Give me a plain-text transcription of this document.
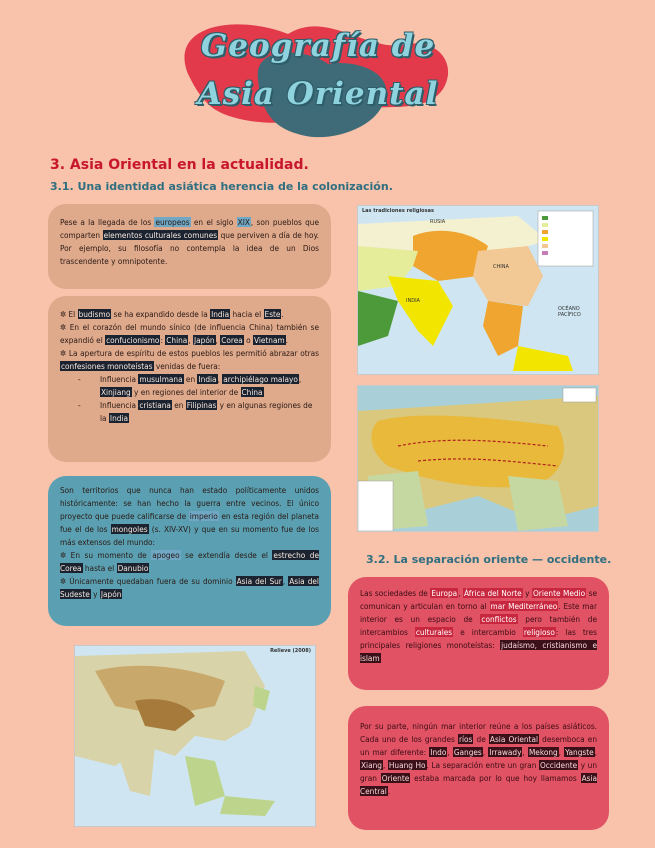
Geografía de
Asia Oriental
3. Asia Oriental en la actualidad.
3.1. Una identidad asiática herencia de la colonización.

Pese a la llegada de los europeos en el siglo XIX, son pueblos que comparten elementos culturales comunes que perviven a día de hoy. Por ejemplo, su filosofía no contempla la idea de un Dios trascendente y omnipotente.

✲ El budismo se ha expandido desde la India hacia el Este.

✲ En el corazón del mundo sínico (de influencia China) también se expandió el confucionismo: China, Japón, Corea o Vietnam.

✲ La apertura de espíritu de estos pueblos les permitió abrazar otras confesiones monoteístas venidas de fuera:

- Influencia musulmana en India, archipiélago malayo, Xinjiang y en regiones del interior de China
- Influencia cristiana en Filipinas y en algunas regiones de la India

Son territorios que nunca han estado políticamente unidos históricamente: se han hecho la guerra entre vecinos. El único proyecto que puede calificarse de imperio en esta región del planeta fue el de los mongoles (s. XIV-XV) y que en su momento fue de los más extensos del mundo:

✲ En su momento de apogeo se extendía desde el estrecho de Corea hasta el Danubio

✲ Únicamente quedaban fuera de su dominio Asia del Sur, Asia del Sudeste y Japón

Las tradiciones religiosas
RUSIA
CHINA
INDIA
OCÉANO PACÍFICO
3.2. La separación oriente — occidente.

Las sociedades de Europa, África del Norte y Oriente Medio se comunican y articulan en torno al mar Mediterráneo. Este mar interior es un espacio de conflictos pero también de intercambios culturales e intercambio religioso: las tres principales religiones monoteístas: judaísmo, cristianismo e islam

Relieve (2008)

Por su parte, ningún mar interior reúne a los países asiáticos. Cada uno de los grandes ríos de Asia Oriental desemboca en un mar diferente: Indo, Ganges, Irrawady, Mekong, Yangste, Xiang, Huang Ho. La separación entre un gran Occidente y un gran Oriente estaba marcada por lo que hoy llamamos Asia Central.
